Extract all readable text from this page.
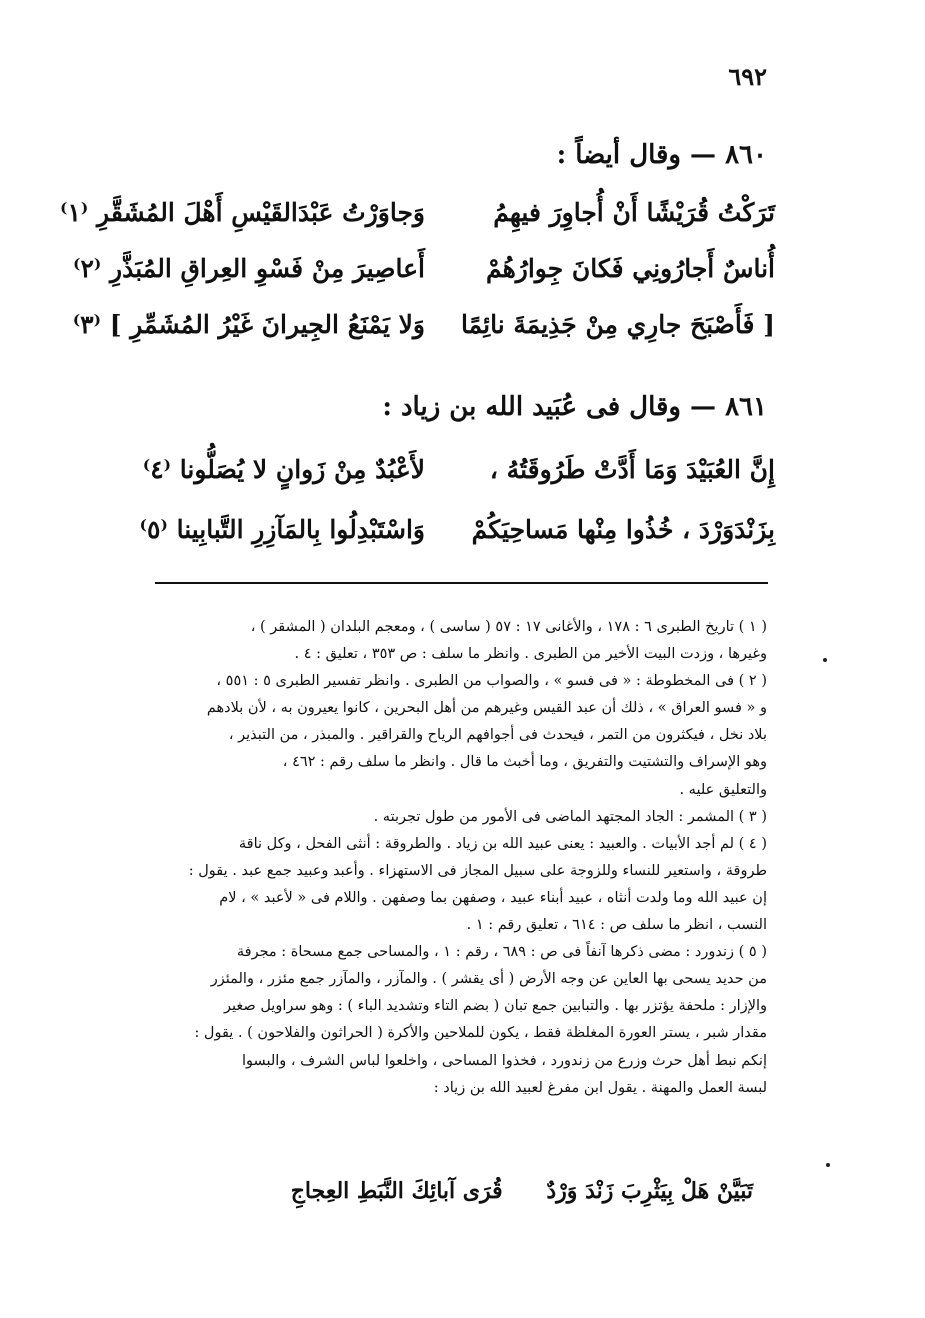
٦٩٢
٨٦٠ — وقال أيضاً :
تَرَكْتُ قُرَيْشًا أَنْ أُجاوِرَ فيهِمُ
وَجاوَرْتُ عَبْدَالقَيْسِ أَهْلَ المُشَقَّرِ ⁽١⁾
أُناسٌ أَجارُونِي فَكانَ جِوارُهُمْ
أَعاصِيرَ مِنْ فَسْوِ العِراقِ المُبَذَّرِ ⁽٢⁾
[ فَأَصْبَحَ جارِي مِنْ جَذِيمَةَ نائِمًا
وَلا يَمْنَعُ الجِيرانَ غَيْرُ المُشَمِّرِ ] ⁽٣⁾
٨٦١ — وقال فى عُبَيد الله بن زياد :
إِنَّ العُبَيْدَ وَمَا أَدَّتْ طَرُوقَتُهُ ،
لأَعْبُدٌ مِنْ زَوانٍ لا يُصَلُّونا ⁽٤⁾
بِزَنْدَوَرْدَ ، خُذُوا مِنْها مَساحِيَكُمْ
وَاسْتَبْدِلُوا بِالمَآزِرِ التَّبابِينا ⁽٥⁾
( ١ ) تاريخ الطبرى ٦ : ١٧٨ ، والأغانى ١٧ : ٥٧ ( ساسى ) ، ومعجم البلدان ( المشقر ) ،
وغيرها ، وزدت البيت الأخير من الطبرى . وانظر ما سلف : ص ٣٥٣ ، تعليق : ٤ .
( ٢ ) فى المخطوطة : « فى فسو » ، والصواب من الطبرى . وانظر تفسير الطبرى ٥ : ٥٥١ ،
و « فسو العراق » ، ذلك أن عبد القيس وغيرهم من أهل البحرين ، كانوا يعيرون به ، لأن بلادهم
بلاد نخل ، فيكثرون من التمر ، فيحدث فى أجوافهم الرياح والقراقير . والمبذر ، من التبذير ،
وهو الإسراف والتشتيت والتفريق ، وما أخبث ما قال . وانظر ما سلف رقم : ٤٦٢ ،
والتعليق عليه .
( ٣ ) المشمر : الجاد المجتهد الماضى فى الأمور من طول تجربته .
( ٤ ) لم أجد الأبيات . والعبيد : يعنى عبيد الله بن زياد . والطروقة : أنثى الفحل ، وكل ناقة
طروقة ، واستعير للنساء وللزوجة على سبيل المجاز فى الاستهزاء . وأعبد وعبيد جمع عبد . يقول :
إن عبيد الله وما ولدت أنثاه ، عبيد أبناء عبيد ، وصفهن بما وصفهن . واللام فى « لأعبد » ، لام
النسب ، انظر ما سلف ص : ٦١٤ ، تعليق رقم : ١ .
( ٥ ) زندورد : مضى ذكرها آنفاً فى ص : ٦٨٩ ، رقم : ١ ، والمساحى جمع مسحاة : مجرفة
من حديد يسحى بها العاين عن وجه الأرض ( أى يقشر ) . والمآزر ، والمآزر جمع مئزر ، والمئزر
والإزار : ملحفة يؤتزر بها . والتبابين جمع تبان ( بضم التاء وتشديد الباء ) : وهو سراويل صغير
مقدار شبر ، يستر العورة المغلظة فقط ، يكون للملاحين والأكرة ( الحراثون والفلاحون ) . يقول :
إنكم نبط أهل حرث وزرع من زندورد ، فخذوا المساحى ، واخلعوا لباس الشرف ، والبسوا
لبسة العمل والمهنة . يقول ابن مفرغ لعبيد الله بن زياد :
تَبَيَّنْ هَلْ بِيَثْرِبَ زَنْدَ وَرْدٌ قُرَى آبائِكَ النَّبَطِ العِجاجِ
